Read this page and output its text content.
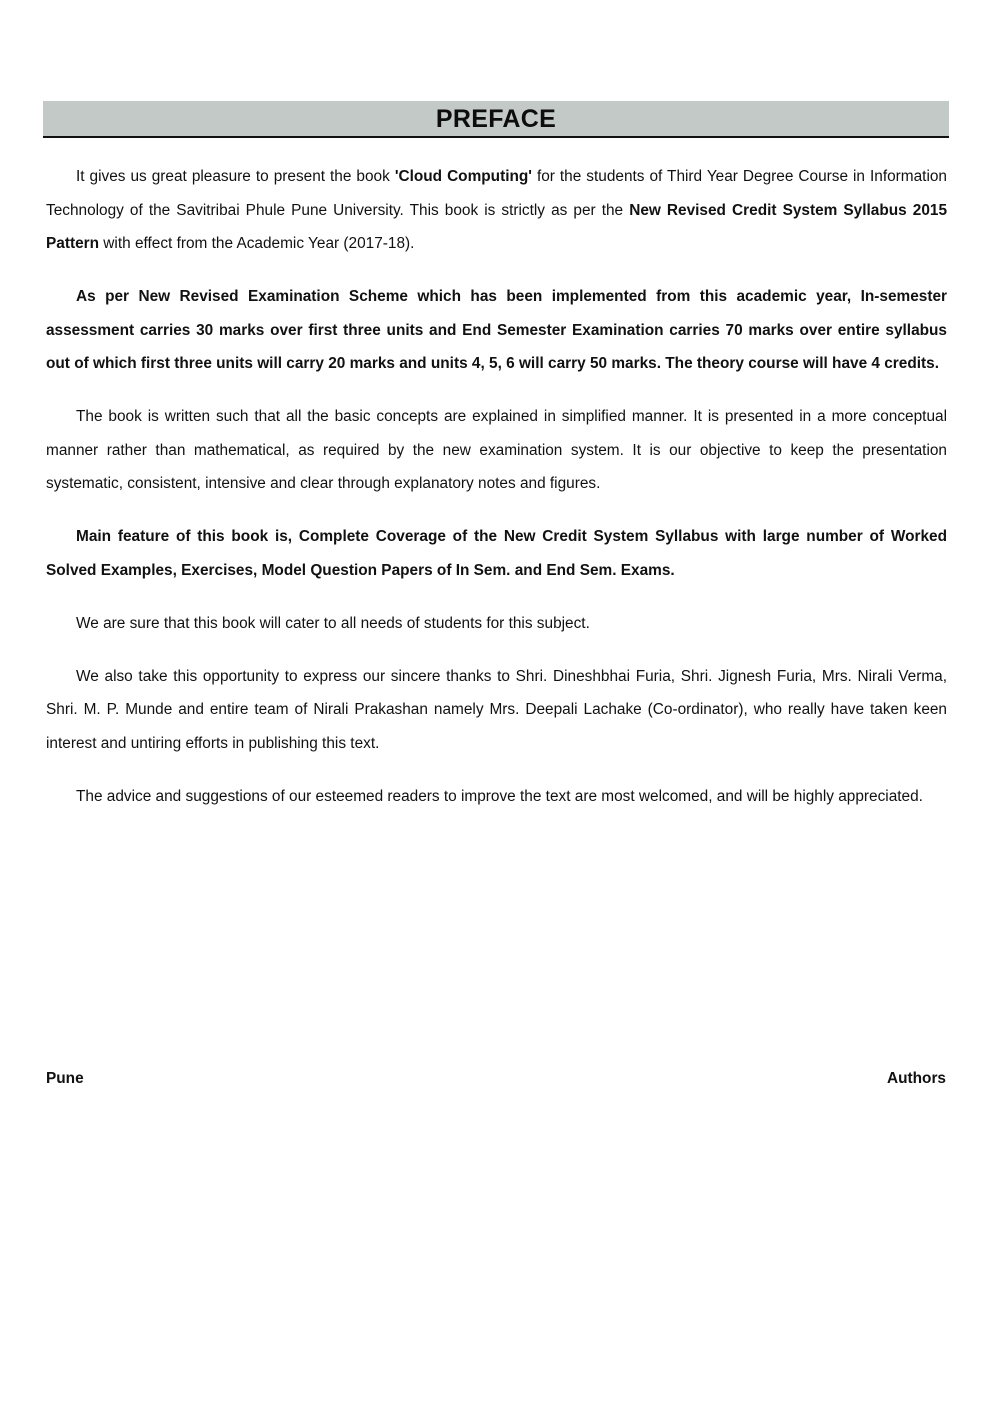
PREFACE

It gives us great pleasure to present the book 'Cloud Computing' for the students of Third Year Degree Course in Information Technology of the Savitribai Phule Pune University. This book is strictly as per the New Revised Credit System Syllabus 2015 Pattern with effect from the Academic Year (2017-18).

As per New Revised Examination Scheme which has been implemented from this academic year, In-semester assessment carries 30 marks over first three units and End Semester Examination carries 70 marks over entire syllabus out of which first three units will carry 20 marks and units 4, 5, 6 will carry 50 marks. The theory course will have 4 credits.

The book is written such that all the basic concepts are explained in simplified manner. It is presented in a more conceptual manner rather than mathematical, as required by the new examination system. It is our objective to keep the presentation systematic, consistent, intensive and clear through explanatory notes and figures.

Main feature of this book is, Complete Coverage of the New Credit System Syllabus with large number of Worked Solved Examples, Exercises, Model Question Papers of In Sem. and End Sem. Exams.

We are sure that this book will cater to all needs of students for this subject.

We also take this opportunity to express our sincere thanks to Shri. Dineshbhai Furia, Shri. Jignesh Furia, Mrs. Nirali Verma, Shri. M. P. Munde and entire team of Nirali Prakashan namely Mrs. Deepali Lachake (Co-ordinator), who really have taken keen interest and untiring efforts in publishing this text.

The advice and suggestions of our esteemed readers to improve the text are most welcomed, and will be highly appreciated.

Pune	Authors
